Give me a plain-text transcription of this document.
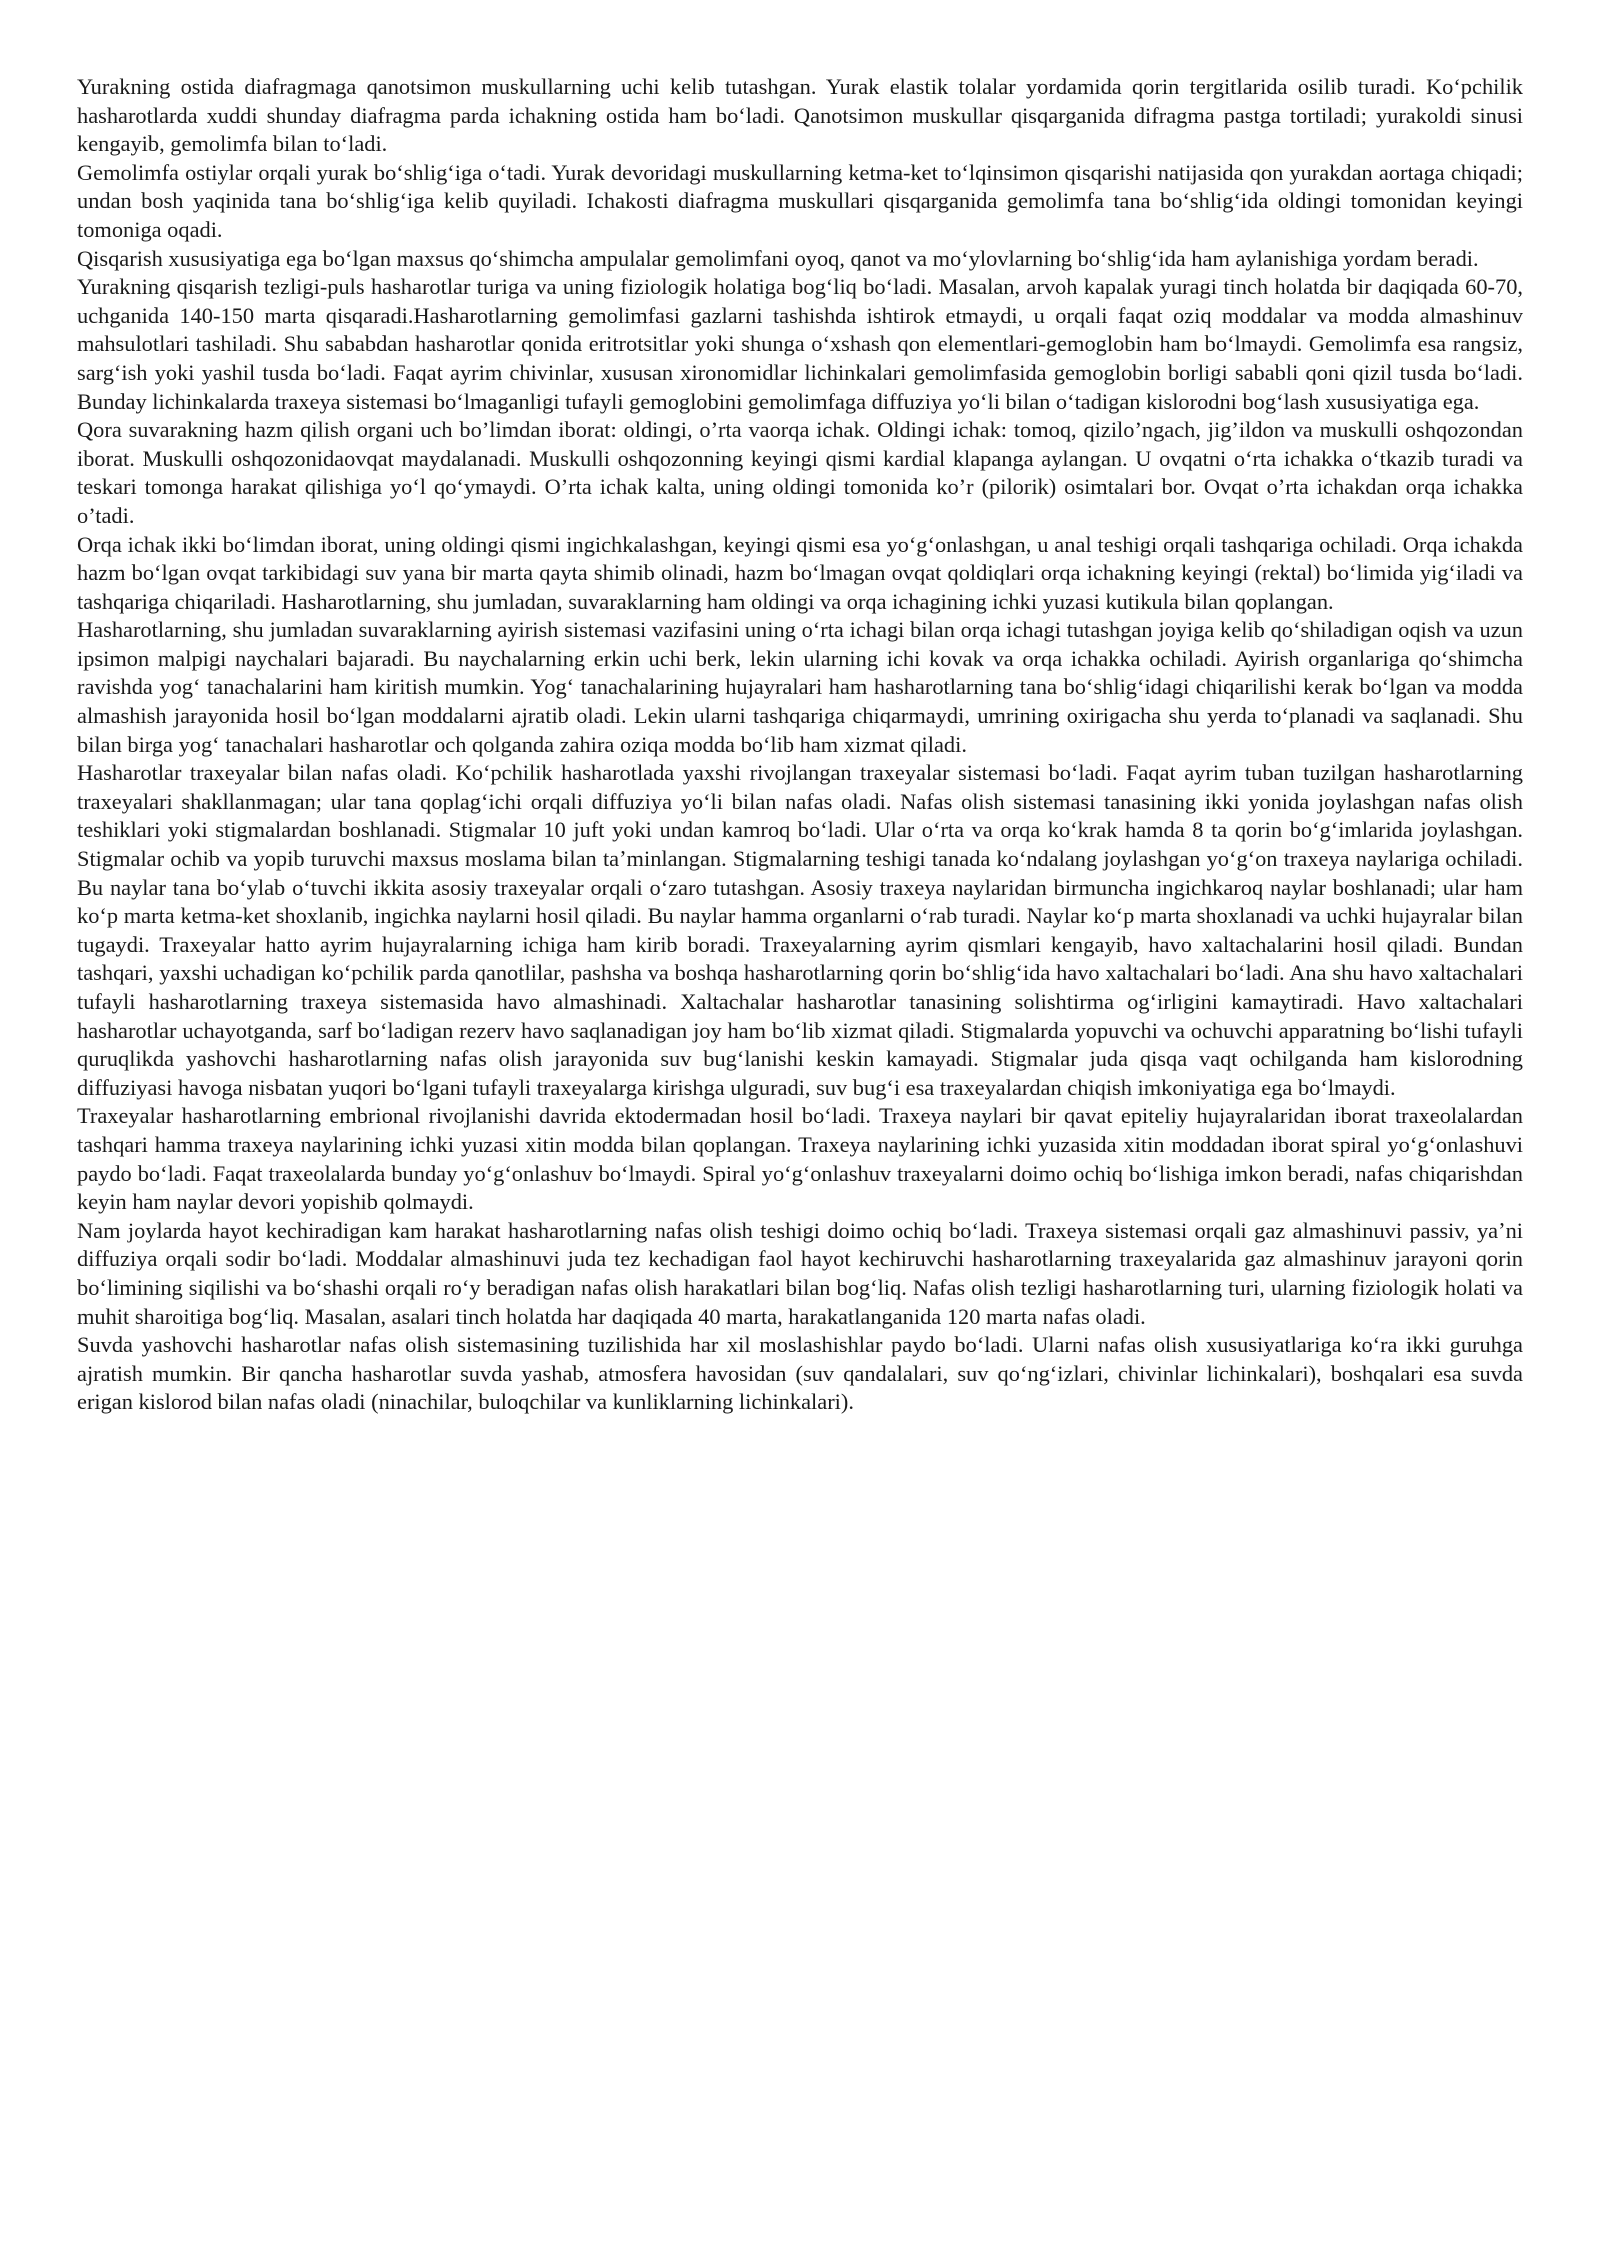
Yurakning ostida diafragmaga qanotsimon muskullarning uchi kelib tutashgan. Yurak elastik tolalar yordamida qorin tergitlarida osilib turadi. Koʻpchilik hasharotlarda xuddi shunday diafragma parda ichakning ostida ham boʻladi. Qanotsimon muskullar qisqarganida difragma pastga tortiladi; yurakoldi sinusi kengayib, gemolimfa bilan toʻladi.

Gemolimfa ostiylar orqali yurak boʻshligʻiga oʻtadi. Yurak devoridagi muskullarning ketma-ket toʻlqinsimon qisqarishi natijasida qon yurakdan aortaga chiqadi; undan bosh yaqinida tana boʻshligʻiga kelib quyiladi. Ichakosti diafragma muskullari qisqarganida gemolimfa tana boʻshligʻida oldingi tomonidan keyingi tomoniga oqadi.

Qisqarish xususiyatiga ega boʻlgan maxsus qoʻshimcha ampulalar gemolimfani oyoq, qanot va moʻylovlarning boʻshligʻida ham aylanishiga yordam beradi.

Yurakning qisqarish tezligi-puls hasharotlar turiga va uning fiziologik holatiga bogʻliq boʻladi. Masalan, arvoh kapalak yuragi tinch holatda bir daqiqada 60-70, uchganida 140-150 marta qisqaradi.Hasharotlarning gemolimfasi gazlarni tashishda ishtirok etmaydi, u orqali faqat oziq moddalar va modda almashinuv mahsulotlari tashiladi. Shu sababdan hasharotlar qonida eritrotsitlar yoki shunga oʻxshash qon elementlari-gemoglobin ham boʻlmaydi. Gemolimfa esa rangsiz, sargʻish yoki yashil tusda boʻladi. Faqat ayrim chivinlar, xususan xironomidlar lichinkalari gemolimfasida gemoglobin borligi sababli qoni qizil tusda boʻladi. Bunday lichinkalarda traxeya sistemasi boʻlmaganligi tufayli gemoglobini gemolimfaga diffuziya yoʻli bilan oʻtadigan kislorodni bogʻlash xususiyatiga ega.

Qora suvarakning hazm qilish organi uch bo’limdan iborat: oldingi, o’rta vaorqa ichak. Oldingi ichak: tomoq, qizilo’ngach, jig’ildon va muskulli oshqozondan iborat. Muskulli oshqozonidaovqat maydalanadi. Muskulli oshqozonning keyingi qismi kardial klapanga aylangan. U ovqatni oʻrta ichakka oʻtkazib turadi va teskari tomonga harakat qilishiga yoʻl qoʻymaydi. O’rta ichak kalta, uning oldingi tomonida ko’r (pilorik) osimtalari bor. Ovqat o’rta ichakdan orqa ichakka o’tadi.

Orqa ichak ikki boʻlimdan iborat, uning oldingi qismi ingichkalashgan, keyingi qismi esa yoʻgʻonlashgan, u anal teshigi orqali tashqariga ochiladi. Orqa ichakda hazm boʻlgan ovqat tarkibidagi suv yana bir marta qayta shimib olinadi, hazm boʻlmagan ovqat qoldiqlari orqa ichakning keyingi (rektal) boʻlimida yigʻiladi va tashqariga chiqariladi. Hasharotlarning, shu jumladan, suvaraklarning ham oldingi va orqa ichagining ichki yuzasi kutikula bilan qoplangan.

Hasharotlarning, shu jumladan suvaraklarning ayirish sistemasi vazifasini uning oʻrta ichagi bilan orqa ichagi tutashgan joyiga kelib qoʻshiladigan oqish va uzun ipsimon malpigi naychalari bajaradi. Bu naychalarning erkin uchi berk, lekin ularning ichi kovak va orqa ichakka ochiladi. Ayirish organlariga qoʻshimcha ravishda yogʻ tanachalarini ham kiritish mumkin. Yogʻ tanachalarining hujayralari ham hasharotlarning tana boʻshligʻidagi chiqarilishi kerak boʻlgan va modda almashish jarayonida hosil boʻlgan moddalarni ajratib oladi. Lekin ularni tashqariga chiqarmaydi, umrining oxirigacha shu yerda toʻplanadi va saqlanadi. Shu bilan birga yogʻ tanachalari hasharotlar och qolganda zahira oziqa modda boʻlib ham xizmat qiladi.

Hasharotlar traxeyalar bilan nafas oladi. Koʻpchilik hasharotlada yaxshi rivojlangan traxeyalar sistemasi boʻladi. Faqat ayrim tuban tuzilgan hasharotlarning traxeyalari shakllanmagan; ular tana qoplagʻichi orqali diffuziya yoʻli bilan nafas oladi. Nafas olish sistemasi tanasining ikki yonida joylashgan nafas olish teshiklari yoki stigmalardan boshlanadi. Stigmalar 10 juft yoki undan kamroq boʻladi. Ular oʻrta va orqa koʻkrak hamda 8 ta qorin boʻgʻimlarida joylashgan. Stigmalar ochib va yopib turuvchi maxsus moslama bilan taʼminlangan. Stigmalarning teshigi tanada koʻndalang joylashgan yoʻgʻon traxeya naylariga ochiladi. Bu naylar tana boʻylab oʻtuvchi ikkita asosiy traxeyalar orqali oʻzaro tutashgan. Asosiy traxeya naylaridan birmuncha ingichkaroq naylar boshlanadi; ular ham koʻp marta ketma-ket shoxlanib, ingichka naylarni hosil qiladi. Bu naylar hamma organlarni oʻrab turadi. Naylar koʻp marta shoxlanadi va uchki hujayralar bilan tugaydi. Traxeyalar hatto ayrim hujayralarning ichiga ham kirib boradi. Traxeyalarning ayrim qismlari kengayib, havo xaltachalarini hosil qiladi. Bundan tashqari, yaxshi uchadigan koʻpchilik parda qanotlilar, pashsha va boshqa hasharotlarning qorin boʻshligʻida havo xaltachalari boʻladi. Ana shu havo xaltachalari tufayli hasharotlarning traxeya sistemasida havo almashinadi. Xaltachalar hasharotlar tanasining solishtirma ogʻirligini kamaytiradi. Havo xaltachalari hasharotlar uchayotganda, sarf boʻladigan rezerv havo saqlanadigan joy ham boʻlib xizmat qiladi. Stigmalarda yopuvchi va ochuvchi apparatning boʻlishi tufayli quruqlikda yashovchi hasharotlarning nafas olish jarayonida suv bugʻlanishi keskin kamayadi. Stigmalar juda qisqa vaqt ochilganda ham kislorodning diffuziyasi havoga nisbatan yuqori boʻlgani tufayli traxeyalarga kirishga ulguradi, suv bugʻi esa traxeyalardan chiqish imkoniyatiga ega boʻlmaydi.

Traxeyalar hasharotlarning embrional rivojlanishi davrida ektodermadan hosil boʻladi. Traxeya naylari bir qavat epiteliy hujayralaridan iborat traxeolalardan tashqari hamma traxeya naylarining ichki yuzasi xitin modda bilan qoplangan. Traxeya naylarining ichki yuzasida xitin moddadan iborat spiral yoʻgʻonlashuvi paydo boʻladi. Faqat traxeolalarda bunday yoʻgʻonlashuv boʻlmaydi. Spiral yoʻgʻonlashuv traxeyalarni doimo ochiq boʻlishiga imkon beradi, nafas chiqarishdan keyin ham naylar devori yopishib qolmaydi.

Nam joylarda hayot kechiradigan kam harakat hasharotlarning nafas olish teshigi doimo ochiq boʻladi. Traxeya sistemasi orqali gaz almashinuvi passiv, yaʼni diffuziya orqali sodir boʻladi. Moddalar almashinuvi juda tez kechadigan faol hayot kechiruvchi hasharotlarning traxeyalarida gaz almashinuv jarayoni qorin boʻlimining siqilishi va boʻshashi orqali roʻy beradigan nafas olish harakatlari bilan bogʻliq. Nafas olish tezligi hasharotlarning turi, ularning fiziologik holati va muhit sharoitiga bogʻliq. Masalan, asalari tinch holatda har daqiqada 40 marta, harakatlanganida 120 marta nafas oladi.

Suvda yashovchi hasharotlar nafas olish sistemasining tuzilishida har xil moslashishlar paydo boʻladi. Ularni nafas olish xususiyatlariga koʻra ikki guruhga ajratish mumkin. Bir qancha hasharotlar suvda yashab, atmosfera havosidan (suv qandalalari, suv qoʻngʻizlari, chivinlar lichinkalari), boshqalari esa suvda erigan kislorod bilan nafas oladi (ninachilar, buloqchilar va kunliklarning lichinkalari).
